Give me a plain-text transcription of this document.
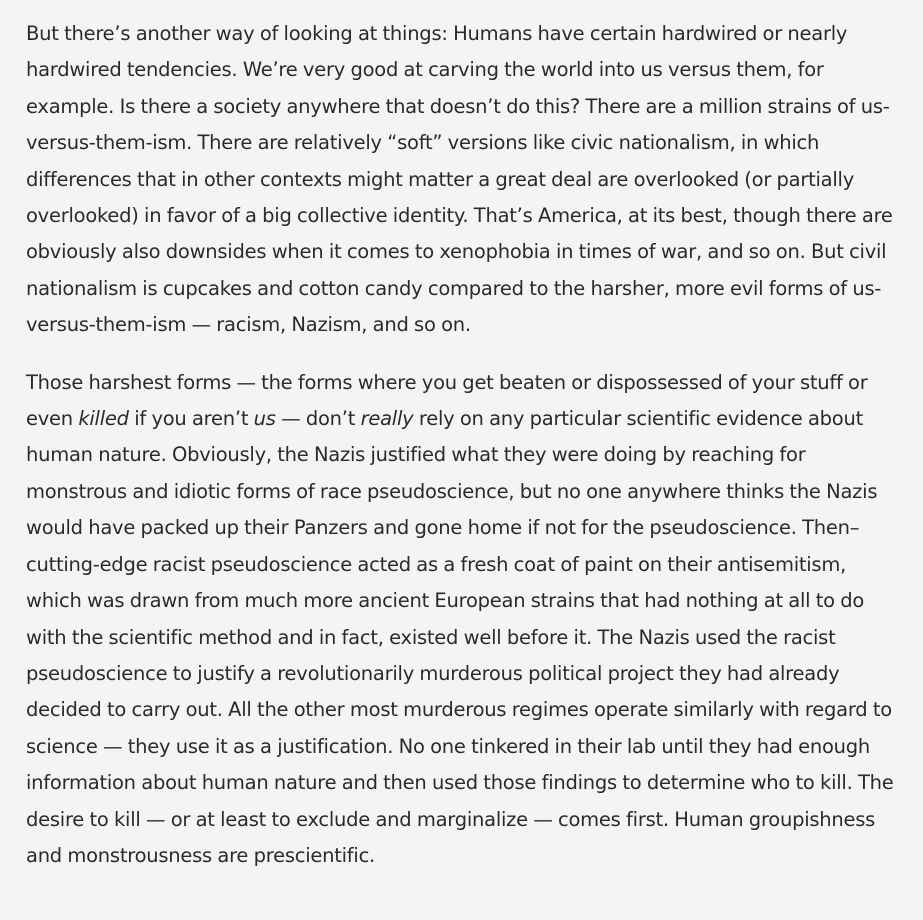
But there’s another way of looking at things: Humans have certain hardwired or nearly hardwired tendencies. We’re very good at carving the world into us versus them, for example. Is there a society anywhere that doesn’t do this? There are a million strains of us-versus-them-ism. There are relatively “soft” versions like civic nationalism, in which differences that in other contexts might matter a great deal are overlooked (or partially overlooked) in favor of a big collective identity. That’s America, at its best, though there are obviously also downsides when it comes to xenophobia in times of war, and so on. But civil nationalism is cupcakes and cotton candy compared to the harsher, more evil forms of us-versus-them-ism — racism, Nazism, and so on.

Those harshest forms — the forms where you get beaten or dispossessed of your stuff or even killed if you aren’t us — don’t really rely on any particular scientific evidence about human nature. Obviously, the Nazis justified what they were doing by reaching for monstrous and idiotic forms of race pseudoscience, but no one anywhere thinks the Nazis would have packed up their Panzers and gone home if not for the pseudoscience. Then–cutting-edge racist pseudoscience acted as a fresh coat of paint on their antisemitism, which was drawn from much more ancient European strains that had nothing at all to do with the scientific method and in fact, existed well before it. The Nazis used the racist pseudoscience to justify a revolutionarily murderous political project they had already decided to carry out. All the other most murderous regimes operate similarly with regard to science — they use it as a justification. No one tinkered in their lab until they had enough information about human nature and then used those findings to determine who to kill. The desire to kill — or at least to exclude and marginalize — comes first. Human groupishness and monstrousness are prescientific.
